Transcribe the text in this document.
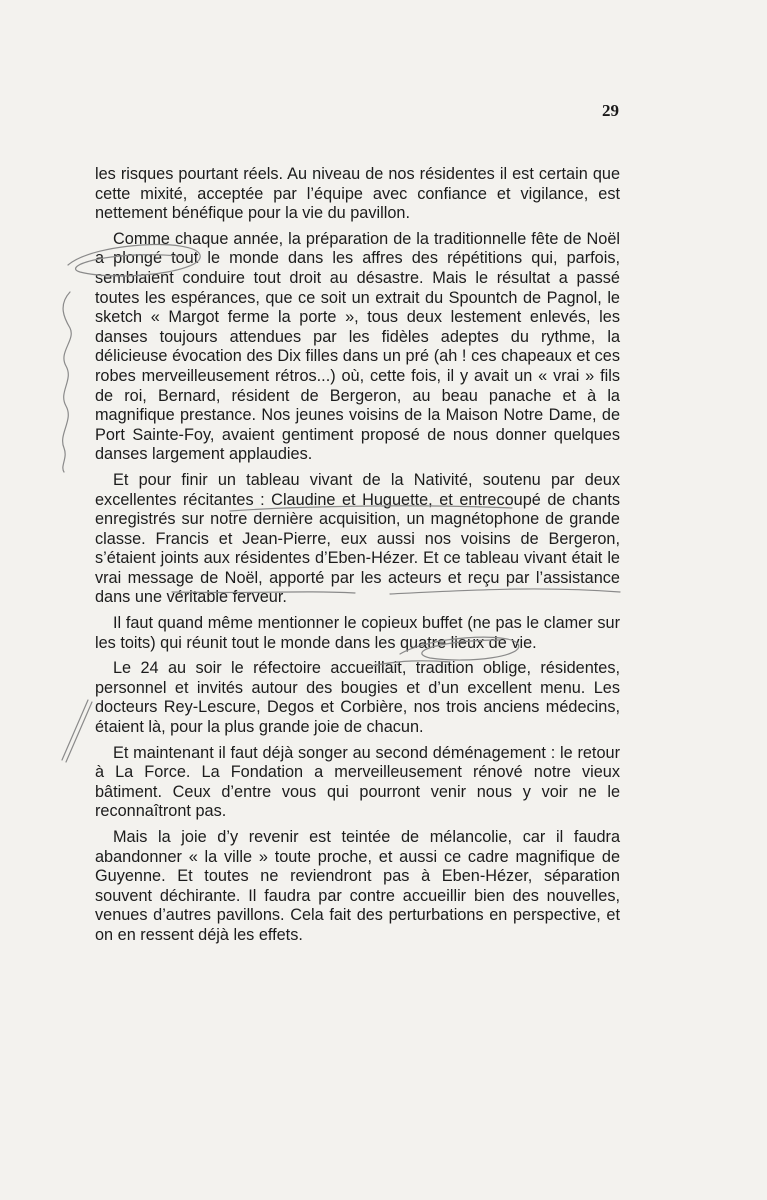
29

les risques pourtant réels. Au niveau de nos résidentes il est certain que cette mixité, acceptée par l’équipe avec confiance et vigilance, est nettement bénéfique pour la vie du pavillon.

Comme chaque année, la préparation de la traditionnelle fête de Noël a plongé tout le monde dans les affres des répétitions qui, parfois, semblaient conduire tout droit au désastre. Mais le résultat a passé toutes les espérances, que ce soit un extrait du Spountch de Pagnol, le sketch « Margot ferme la porte », tous deux lestement enlevés, les danses toujours attendues par les fidèles adeptes du rythme, la délicieuse évocation des Dix filles dans un pré (ah ! ces chapeaux et ces robes merveilleusement rétros...) où, cette fois, il y avait un « vrai » fils de roi, Bernard, résident de Bergeron, au beau panache et à la magnifique prestance. Nos jeunes voisins de la Maison Notre Dame, de Port Sainte-Foy, avaient gentiment proposé de nous donner quelques danses largement applaudies.

Et pour finir un tableau vivant de la Nativité, soutenu par deux excellentes récitantes : Claudine et Huguette, et entrecoupé de chants enregistrés sur notre dernière acquisition, un magnétophone de grande classe. Francis et Jean-Pierre, eux aussi nos voisins de Bergeron, s’étaient joints aux résidentes d’Eben-Hézer. Et ce tableau vivant était le vrai message de Noël, apporté par les acteurs et reçu par l’assistance dans une véritable ferveur.

Il faut quand même mentionner le copieux buffet (ne pas le clamer sur les toits) qui réunit tout le monde dans les quatre lieux de vie.

Le 24 au soir le réfectoire accueillait, tradition oblige, résidentes, personnel et invités autour des bougies et d’un excellent menu. Les docteurs Rey-Lescure, Degos et Corbière, nos trois anciens médecins, étaient là, pour la plus grande joie de chacun.

Et maintenant il faut déjà songer au second déménagement : le retour à La Force. La Fondation a merveilleusement rénové notre vieux bâtiment. Ceux d’entre vous qui pourront venir nous y voir ne le reconnaîtront pas.

Mais la joie d’y revenir est teintée de mélancolie, car il faudra abandonner « la ville » toute proche, et aussi ce cadre magnifique de Guyenne. Et toutes ne reviendront pas à Eben-Hézer, séparation souvent déchirante. Il faudra par contre accueillir bien des nouvelles, venues d’autres pavillons. Cela fait des perturbations en perspective, et on en ressent déjà les effets.
